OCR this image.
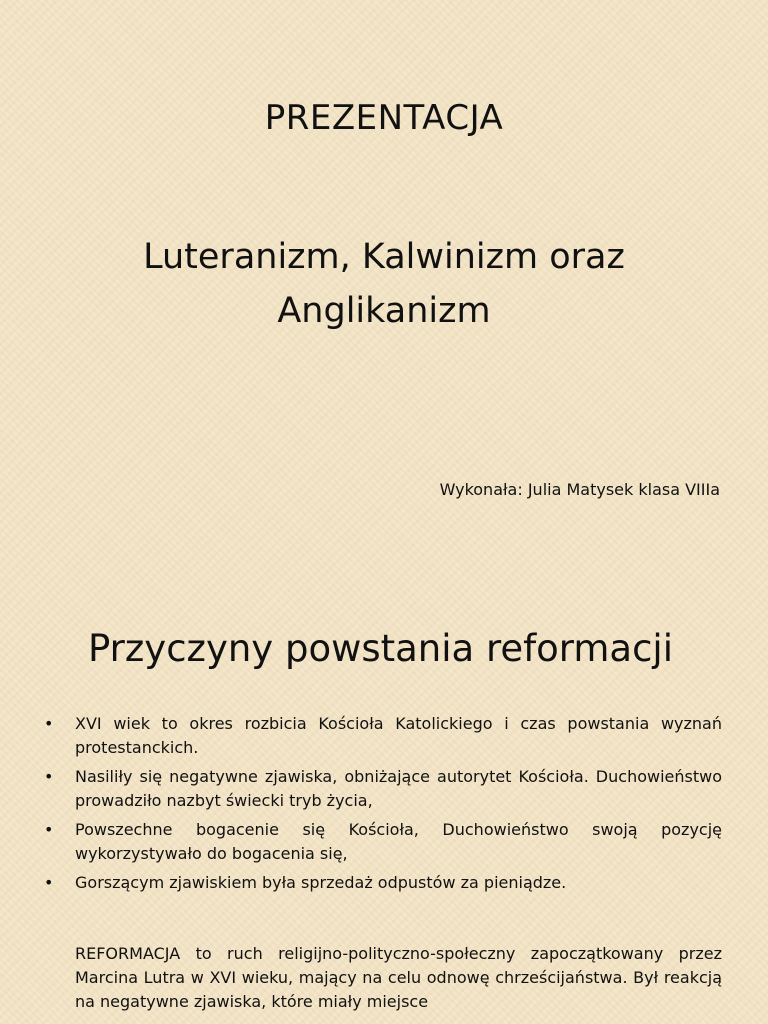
PREZENTACJA
Luteranizm, Kalwinizm oraz Anglikanizm
Wykonała: Julia Matysek klasa VIIIa
Przyczyny powstania reformacji
• XVI wiek to okres rozbicia Kościoła Katolickiego i czas powstania wyznań protestanckich.
• Nasiliły się negatywne zjawiska, obniżające autorytet Kościoła. Duchowieństwo prowadziło nazbyt świecki tryb życia,
• Powszechne bogacenie się Kościoła, Duchowieństwo swoją pozycję wykorzystywało do bogacenia się,
• Gorszącym zjawiskiem była sprzedaż odpustów za pieniądze.

REFORMACJA to ruch religijno-polityczno-społeczny zapoczątkowany przez Marcina Lutra w XVI wieku, mający na celu odnowę chrześcijaństwa. Był reakcją na negatywne zjawiska, które miały miejsce
